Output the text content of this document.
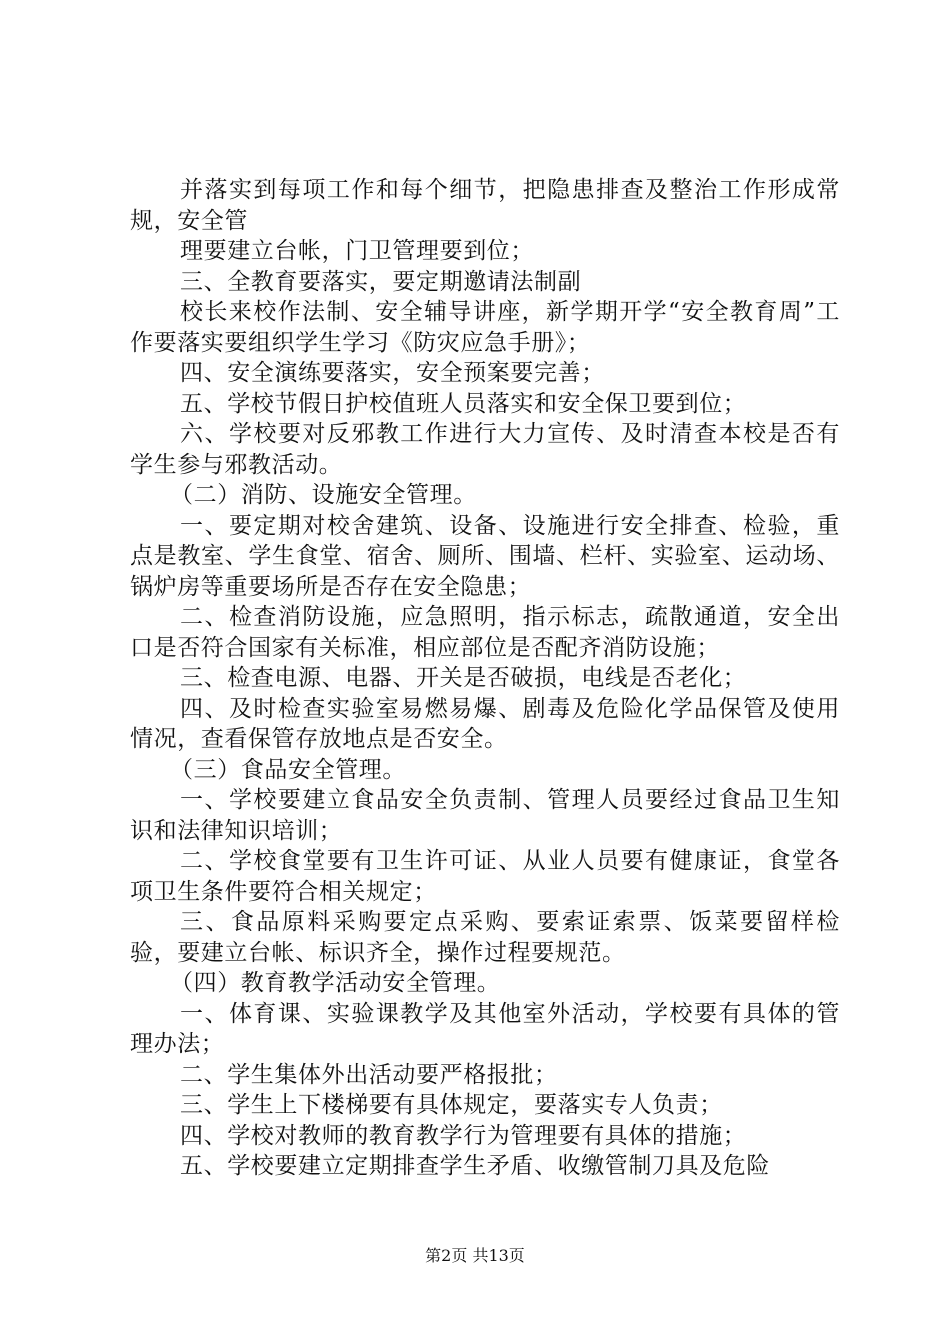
并落实到每项工作和每个细节，把隐患排查及整治工作形成常规，安全管

理要建立台帐，门卫管理要到位；

三、全教育要落实，要定期邀请法制副

校长来校作法制、安全辅导讲座，新学期开学“安全教育周”工作要落实要组织学生学习《防灾应急手册》；

四、安全演练要落实，安全预案要完善；

五、学校节假日护校值班人员落实和安全保卫要到位；

六、学校要对反邪教工作进行大力宣传、及时清查本校是否有学生参与邪教活动。

（二）消防、设施安全管理。

一、要定期对校舍建筑、设备、设施进行安全排查、检验，重点是教室、学生食堂、宿舍、厕所、围墙、栏杆、实验室、运动场、锅炉房等重要场所是否存在安全隐患；

二、检查消防设施，应急照明，指示标志，疏散通道，安全出口是否符合国家有关标准，相应部位是否配齐消防设施；

三、检查电源、电器、开关是否破损，电线是否老化；

四、及时检查实验室易燃易爆、剧毒及危险化学品保管及使用情况，查看保管存放地点是否安全。

（三）食品安全管理。

一、学校要建立食品安全负责制、管理人员要经过食品卫生知识和法律知识培训；

二、学校食堂要有卫生许可证、从业人员要有健康证，食堂各项卫生条件要符合相关规定；

三、食品原料采购要定点采购、要索证索票、饭菜要留样检验，要建立台帐、标识齐全，操作过程要规范。

（四）教育教学活动安全管理。

一、体育课、实验课教学及其他室外活动，学校要有具体的管理办法；

二、学生集体外出活动要严格报批；

三、学生上下楼梯要有具体规定，要落实专人负责；

四、学校对教师的教育教学行为管理要有具体的措施；

五、学校要建立定期排查学生矛盾、收缴管制刀具及危险

第2页 共13页
